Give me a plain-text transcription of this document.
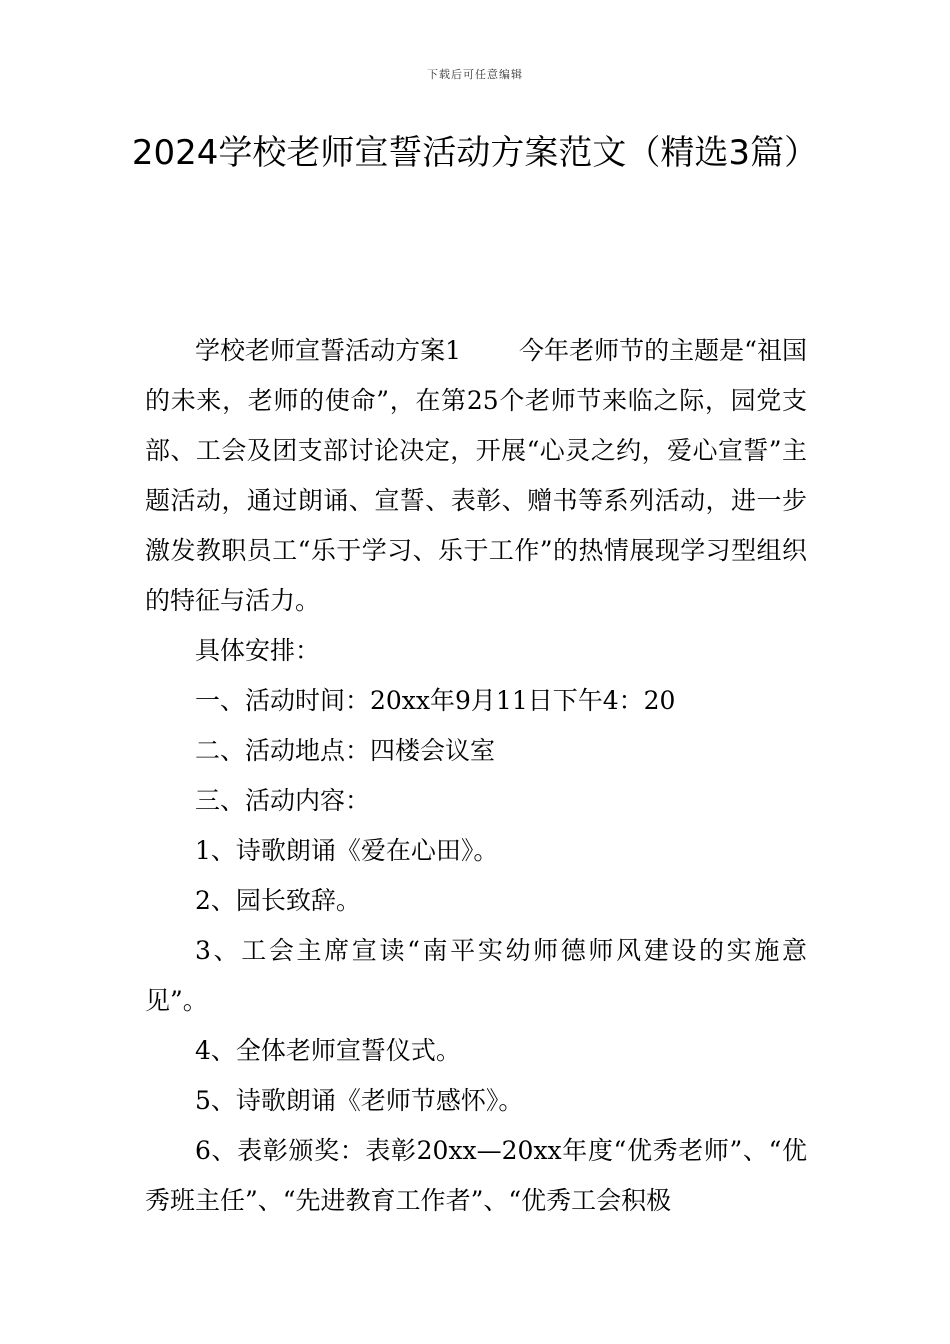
下载后可任意编辑
2024学校老师宣誓活动方案范文（精选3篇）

学校老师宣誓活动方案1 今年老师节的主题是“祖国的未来，老师的使命”，在第25个老师节来临之际，园党支部、工会及团支部讨论决定，开展“心灵之约，爱心宣誓”主题活动，通过朗诵、宣誓、表彰、赠书等系列活动，进一步激发教职员工“乐于学习、乐于工作”的热情展现学习型组织的特征与活力。

具体安排：

一、活动时间：20xx年9月11日下午4：20

二、活动地点：四楼会议室

三、活动内容：

1、诗歌朗诵《爱在心田》。

2、园长致辞。

3、工会主席宣读“南平实幼师德师风建设的实施意见”。

4、全体老师宣誓仪式。

5、诗歌朗诵《老师节感怀》。

6、表彰颁奖：表彰20xx—20xx年度“优秀老师”、“优秀班主任”、“先进教育工作者”、“优秀工会积极
